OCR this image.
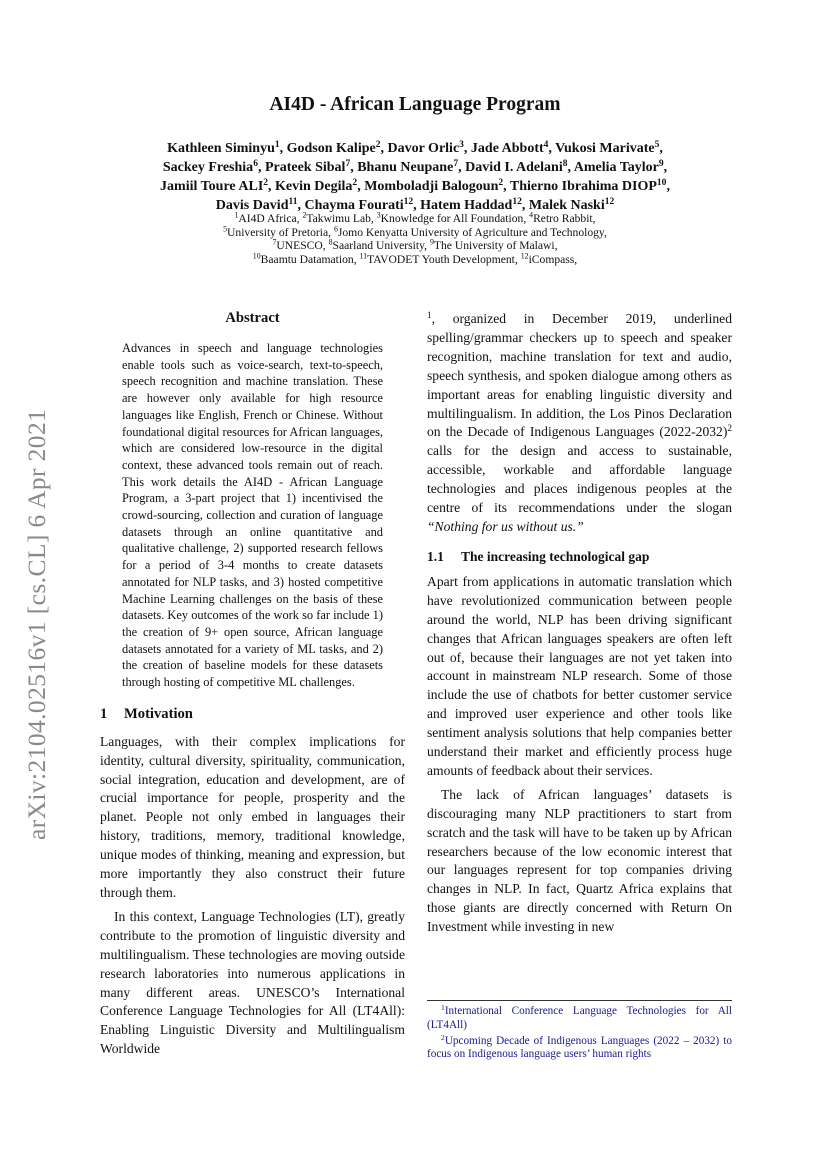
arXiv:2104.02516v1 [cs.CL] 6 Apr 2021
AI4D - African Language Program
Kathleen Siminyu$^1$, Godson Kalipe$^2$, Davor Orlic$^3$, Jade Abbott$^4$, Vukosi Marivate$^5$,
Sackey Freshia$^6$, Prateek Sibal$^7$, Bhanu Neupane$^7$, David I. Adelani$^8$, Amelia Taylor$^9$,
Jamiil Toure ALI$^2$, Kevin Degila$^2$, Momboladji Balogoun$^2$, Thierno Ibrahima DIOP$^{10}$,
Davis David$^{11}$, Chayma Fourati$^{12}$, Hatem Haddad$^{12}$, Malek Naski$^{12}$
$^1$AI4D Africa, $^2$Takwimu Lab, $^3$Knowledge for All Foundation, $^4$Retro Rabbit,
$^5$University of Pretoria, $^6$Jomo Kenyatta University of Agriculture and Technology,
$^7$UNESCO, $^8$Saarland University, $^9$The University of Malawi,
$^{10}$Baamtu Datamation, $^{11}$TAVODET Youth Development, $^{12}$iCompass,
Abstract

Advances in speech and language technologies enable tools such as voice-search, text-to-speech, speech recognition and machine translation. These are however only available for high resource languages like English, French or Chinese. Without foundational digital resources for African languages, which are considered low-resource in the digital context, these advanced tools remain out of reach. This work details the AI4D - African Language Program, a 3-part project that 1) incentivised the crowd-sourcing, collection and curation of language datasets through an online quantitative and qualitative challenge, 2) supported research fellows for a period of 3-4 months to create datasets annotated for NLP tasks, and 3) hosted competitive Machine Learning challenges on the basis of these datasets. Key outcomes of the work so far include 1) the creation of 9+ open source, African language datasets annotated for a variety of ML tasks, and 2) the creation of baseline models for these datasets through hosting of competitive ML challenges.

1 Motivation

Languages, with their complex implications for identity, cultural diversity, spirituality, communication, social integration, education and development, are of crucial importance for people, prosperity and the planet. People not only embed in languages their history, traditions, memory, traditional knowledge, unique modes of thinking, meaning and expression, but more importantly they also construct their future through them.

In this context, Language Technologies (LT), greatly contribute to the promotion of linguistic diversity and multilingualism. These technologies are moving outside research laboratories into numerous applications in many different areas. UNESCO’s International Conference Language Technologies for All (LT4All): Enabling Linguistic Diversity and Multilingualism Worldwide

$^1$, organized in December 2019, underlined spelling/grammar checkers up to speech and speaker recognition, machine translation for text and audio, speech synthesis, and spoken dialogue among others as important areas for enabling linguistic diversity and multilingualism. In addition, the Los Pinos Declaration on the Decade of Indigenous Languages (2022-2032)$^2$ calls for the design and access to sustainable, accessible, workable and affordable language technologies and places indigenous peoples at the centre of its recommendations under the slogan “Nothing for us without us.”

1.1 The increasing technological gap

Apart from applications in automatic translation which have revolutionized communication between people around the world, NLP has been driving significant changes that African languages speakers are often left out of, because their languages are not yet taken into account in mainstream NLP research. Some of those include the use of chatbots for better customer service and improved user experience and other tools like sentiment analysis solutions that help companies better understand their market and efficiently process huge amounts of feedback about their services.

The lack of African languages’ datasets is discouraging many NLP practitioners to start from scratch and the task will have to be taken up by African researchers because of the low economic interest that our languages represent for top companies driving changes in NLP. In fact, Quartz Africa explains that those giants are directly concerned with Return On Investment while investing in new

$^1$International Conference Language Technologies for All (LT4All)

$^2$Upcoming Decade of Indigenous Languages (2022 – 2032) to focus on Indigenous language users’ human rights
